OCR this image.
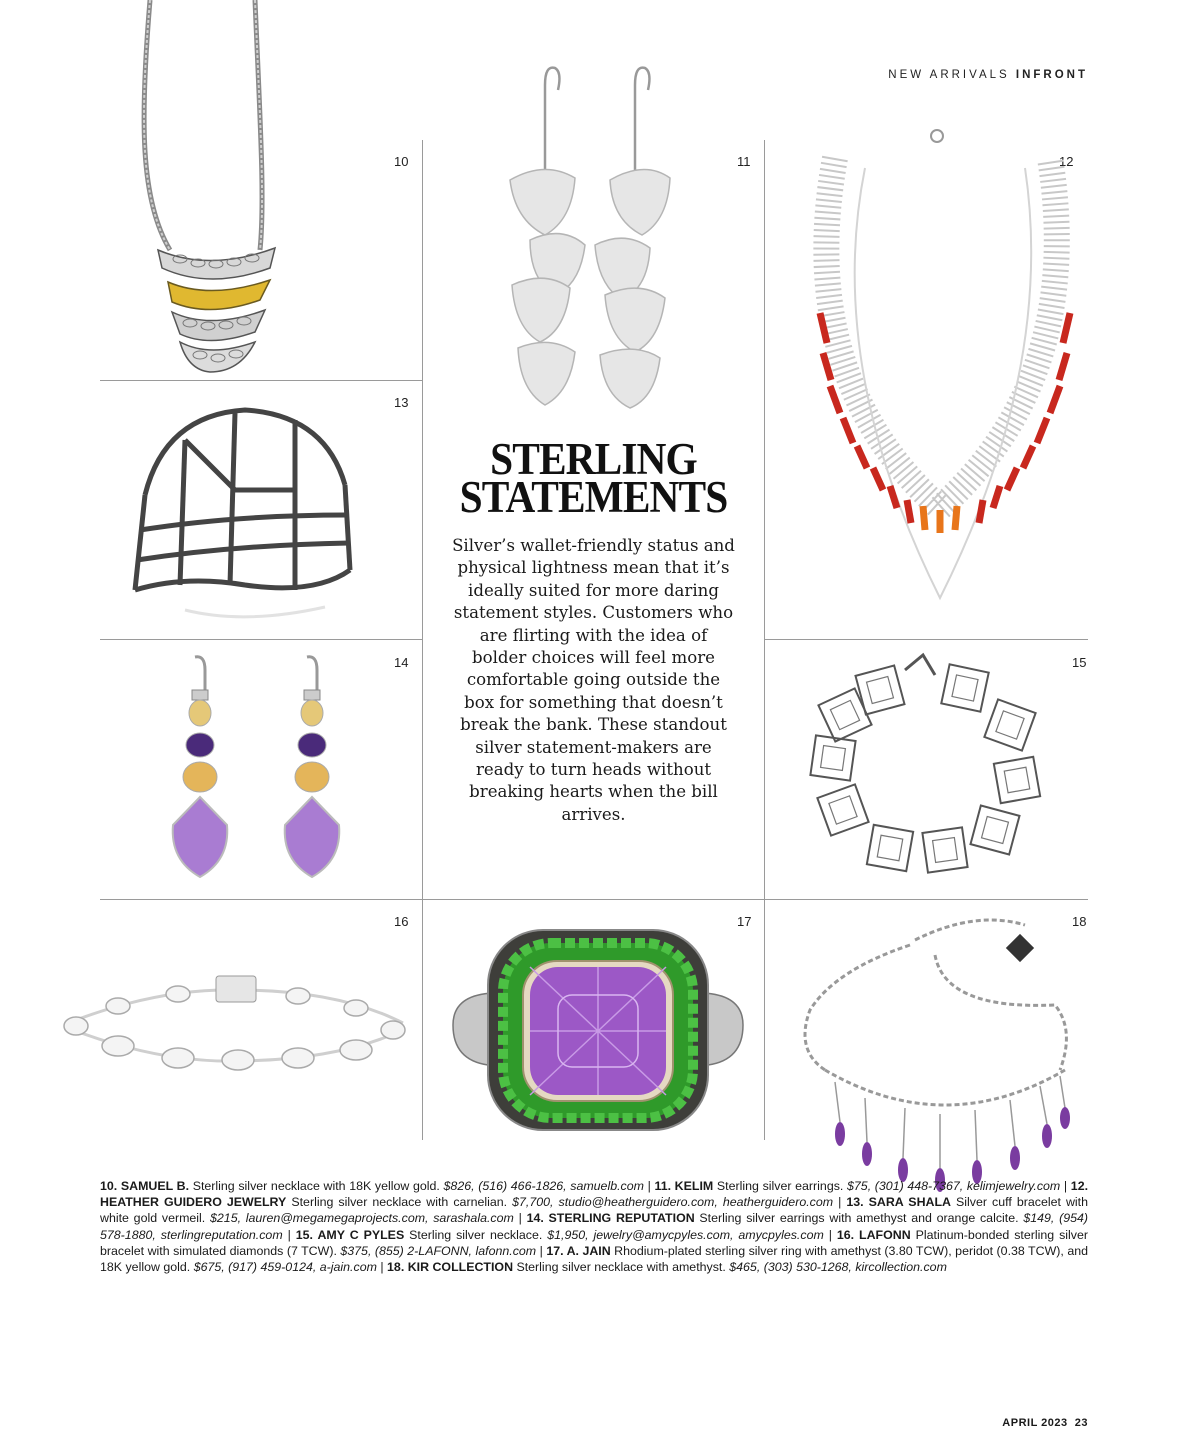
NEW ARRIVALS INFRONT
10	11	12
13
14	15
16	17	18
STERLING
STATEMENTS
Silver’s wallet-friendly status and physical lightness mean that it’s ideally suited for more daring statement styles. Customers who are flirting with the idea of bolder choices will feel more comfortable going outside the box for something that doesn’t break the bank. These standout silver statement-makers are ready to turn heads without breaking hearts when the bill arrives.
10. SAMUEL B. Sterling silver necklace with 18K yellow gold. $826, (516) 466-1826, samuelb.com | 11. KELIM Sterling silver earrings. $75, (301) 448-7367, kelimjewelry.com | 12. HEATHER GUIDERO JEWELRY Sterling silver necklace with carnelian. $7,700, studio@heatherguidero.com, heatherguidero.com | 13. SARA SHALA Silver cuff bracelet with white gold vermeil. $215, lauren@megamegaprojects.com, sarashala.com | 14. STERLING REPUTATION Sterling silver earrings with amethyst and orange calcite. $149, (954) 578-1880, sterlingreputation.com | 15. AMY C PYLES Sterling silver necklace. $1,950, jewelry@amycpyles.com, amycpyles.com | 16. LAFONN Platinum-bonded sterling silver bracelet with simulated diamonds (7 TCW). $375, (855) 2-LAFONN, lafonn.com | 17. A. JAIN Rhodium-plated sterling silver ring with amethyst (3.80 TCW), peridot (0.38 TCW), and 18K yellow gold. $675, (917) 459-0124, a-jain.com | 18. KIR COLLECTION Sterling silver necklace with amethyst. $465, (303) 530-1268, kircollection.com
APRIL 2023 23
